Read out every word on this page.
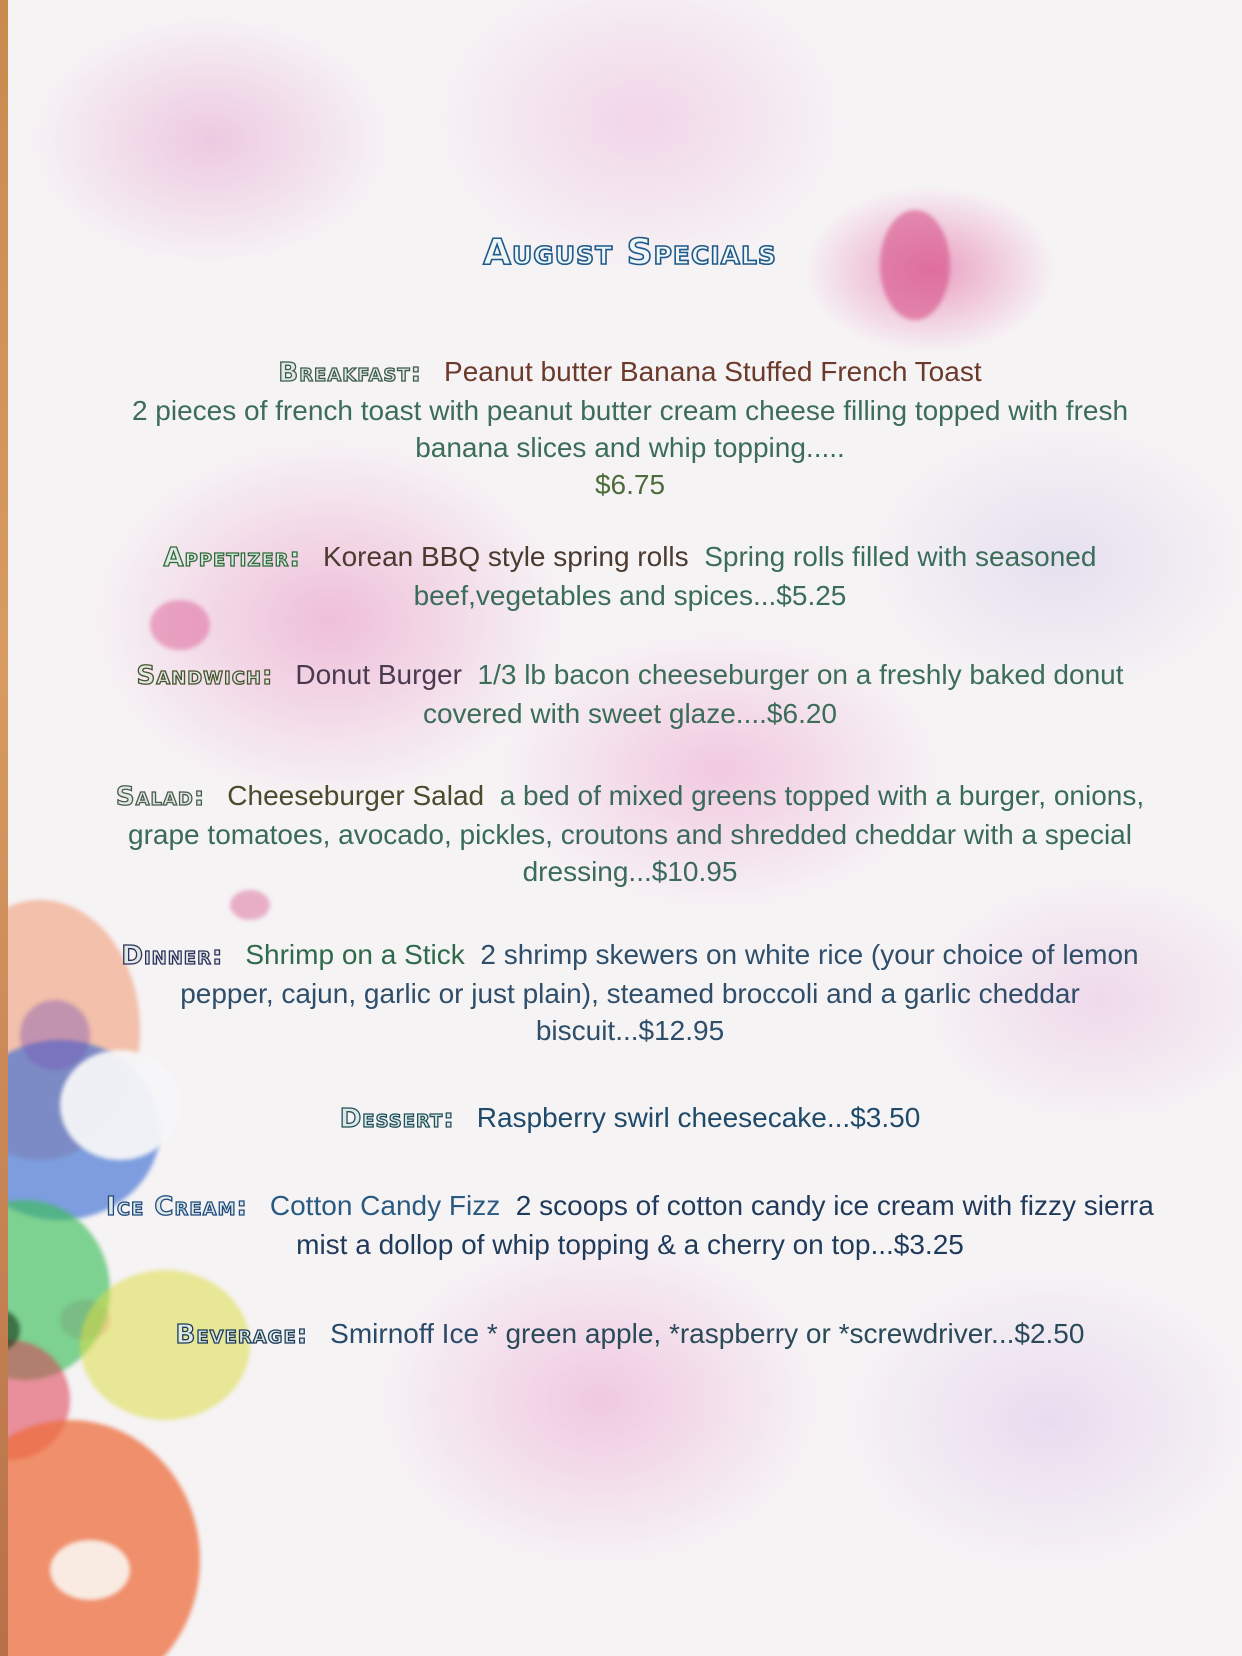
August Specials
Breakfast: Peanut butter Banana Stuffed French Toast
2 pieces of french toast with peanut butter cream cheese filling topped with fresh banana slices and whip topping.....
$6.75
Appetizer: Korean BBQ style spring rolls Spring rolls filled with seasoned beef,vegetables and spices...$5.25
Sandwich: Donut Burger 1/3 lb bacon cheeseburger on a freshly baked donut covered with sweet glaze....$6.20
Salad: Cheeseburger Salad a bed of mixed greens topped with a burger, onions, grape tomatoes, avocado, pickles, croutons and shredded cheddar with a special dressing...$10.95
Dinner: Shrimp on a Stick 2 shrimp skewers on white rice (your choice of lemon pepper, cajun, garlic or just plain), steamed broccoli and a garlic cheddar biscuit...$12.95
Dessert: Raspberry swirl cheesecake...$3.50
Ice Cream: Cotton Candy Fizz 2 scoops of cotton candy ice cream with fizzy sierra mist a dollop of whip topping & a cherry on top...$3.25
Beverage: Smirnoff Ice * green apple, *raspberry or *screwdriver...$2.50
